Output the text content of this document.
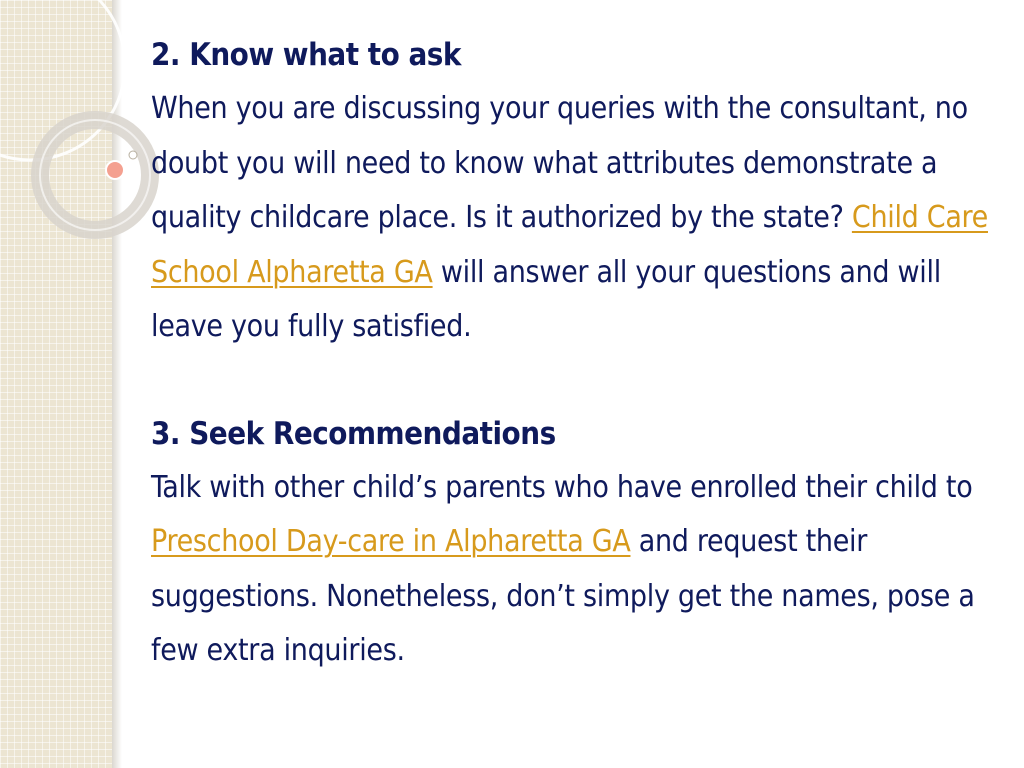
2. Know what to ask

When you are discussing your queries with the consultant, no doubt you will need to know what attributes demonstrate a quality childcare place. Is it authorized by the state? Child Care School Alpharetta GA will answer all your questions and will leave you fully satisfied.

3. Seek Recommendations

Talk with other child’s parents who have enrolled their child to Preschool Day-care in Alpharetta GA and request their suggestions. Nonetheless, don’t simply get the names, pose a few extra inquiries.
